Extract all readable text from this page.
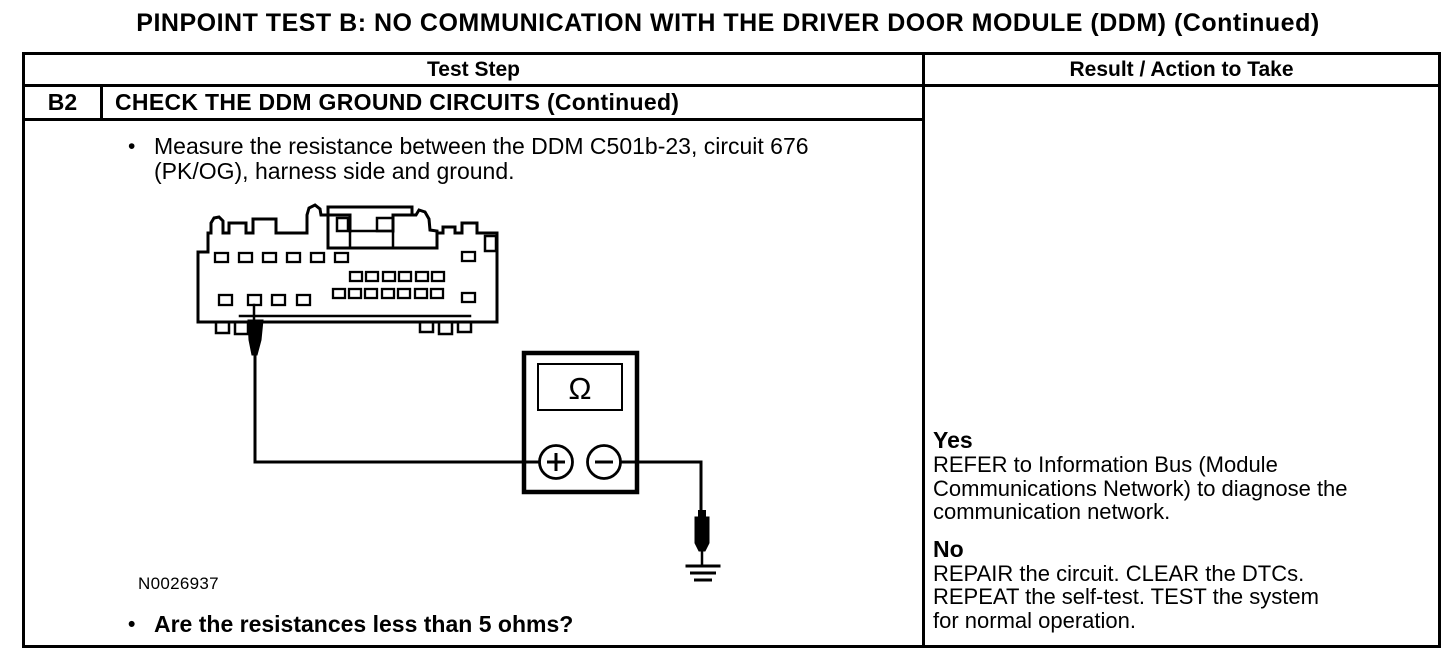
PINPOINT TEST B: NO COMMUNICATION WITH THE DRIVER DOOR MODULE (DDM) (Continued)
Test Step	Result / Action to Take
B2	CHECK THE DDM GROUND CIRCUITS (Continued)
• Measure the resistance between the DDM C501b-23, circuit 676
(PK/OG), harness side and ground.
Ω
N0026937
• Are the resistances less than 5 ohms?
Yes
REFER to Information Bus (Module
Communications Network) to diagnose the
communication network.
No
REPAIR the circuit. CLEAR the DTCs.
REPEAT the self-test. TEST the system
for normal operation.
